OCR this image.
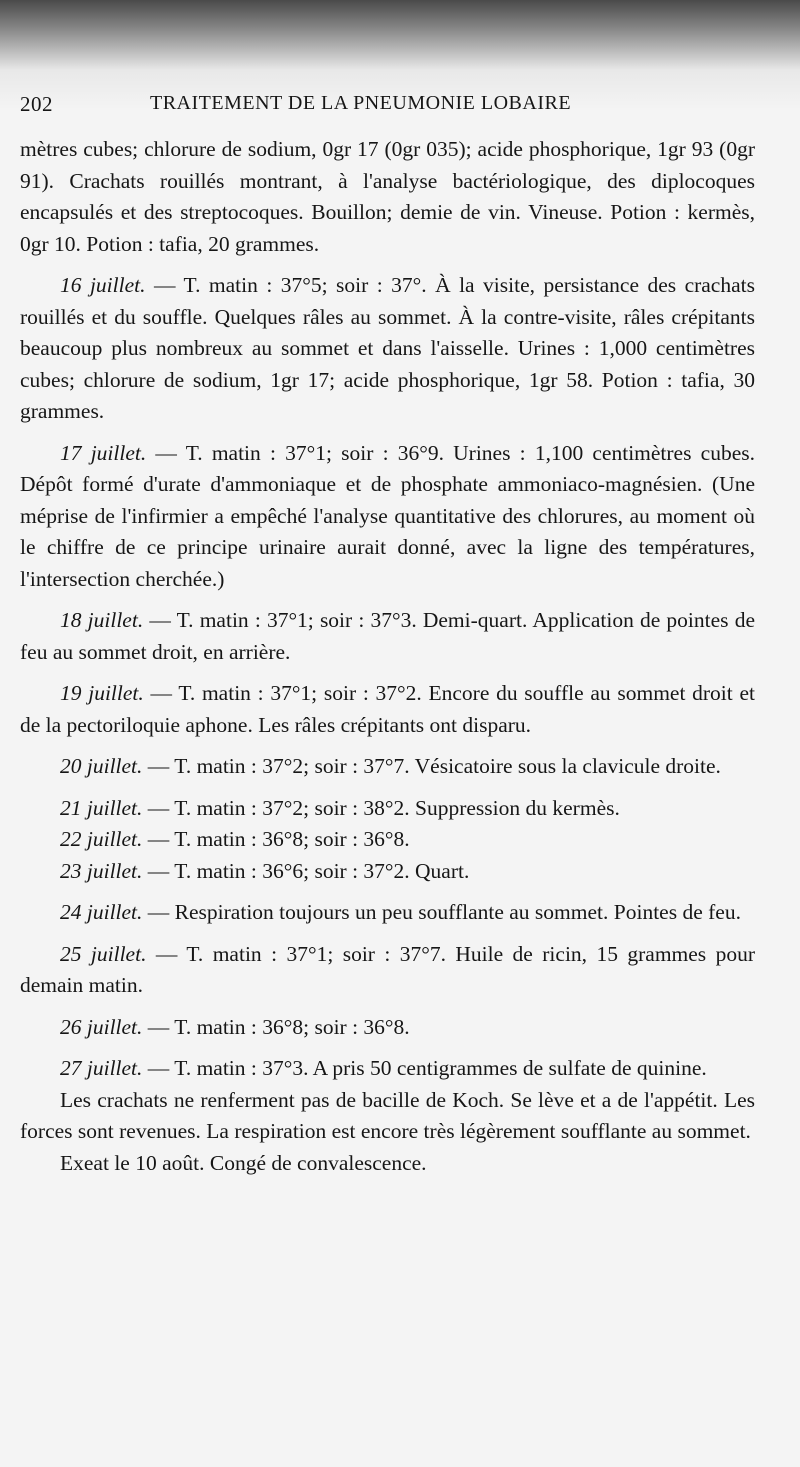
202	TRAITEMENT DE LA PNEUMONIE LOBAIRE

mètres cubes; chlorure de sodium, 0gr 17 (0gr 035); acide phosphorique, 1gr 93 (0gr 91). Crachats rouillés montrant, à l'analyse bactériologique, des diplocoques encapsulés et des streptocoques. Bouillon; demie de vin. Vineuse. Potion : kermès, 0gr 10. Potion : tafia, 20 grammes.

16 juillet. — T. matin : 37°5; soir : 37°. À la visite, persistance des crachats rouillés et du souffle. Quelques râles au sommet. À la contre-visite, râles crépitants beaucoup plus nombreux au sommet et dans l'aisselle. Urines : 1,000 centimètres cubes; chlorure de sodium, 1gr 17; acide phosphorique, 1gr 58. Potion : tafia, 30 grammes.

17 juillet. — T. matin : 37°1; soir : 36°9. Urines : 1,100 centimètres cubes. Dépôt formé d'urate d'ammoniaque et de phosphate ammoniaco-magnésien. (Une méprise de l'infirmier a empêché l'analyse quantitative des chlorures, au moment où le chiffre de ce principe urinaire aurait donné, avec la ligne des températures, l'intersection cherchée.)

18 juillet. — T. matin : 37°1; soir : 37°3. Demi-quart. Application de pointes de feu au sommet droit, en arrière.

19 juillet. — T. matin : 37°1; soir : 37°2. Encore du souffle au sommet droit et de la pectoriloquie aphone. Les râles crépitants ont disparu.

20 juillet. — T. matin : 37°2; soir : 37°7. Vésicatoire sous la clavicule droite.

21 juillet. — T. matin : 37°2; soir : 38°2. Suppression du kermès.

22 juillet. — T. matin : 36°8; soir : 36°8.

23 juillet. — T. matin : 36°6; soir : 37°2. Quart.

24 juillet. — Respiration toujours un peu soufflante au sommet. Pointes de feu.

25 juillet. — T. matin : 37°1; soir : 37°7. Huile de ricin, 15 grammes pour demain matin.

26 juillet. — T. matin : 36°8; soir : 36°8.

27 juillet. — T. matin : 37°3. A pris 50 centigrammes de sulfate de quinine.

Les crachats ne renferment pas de bacille de Koch. Se lève et a de l'appétit. Les forces sont revenues. La respiration est encore très légèrement soufflante au sommet.

Exeat le 10 août. Congé de convalescence.
